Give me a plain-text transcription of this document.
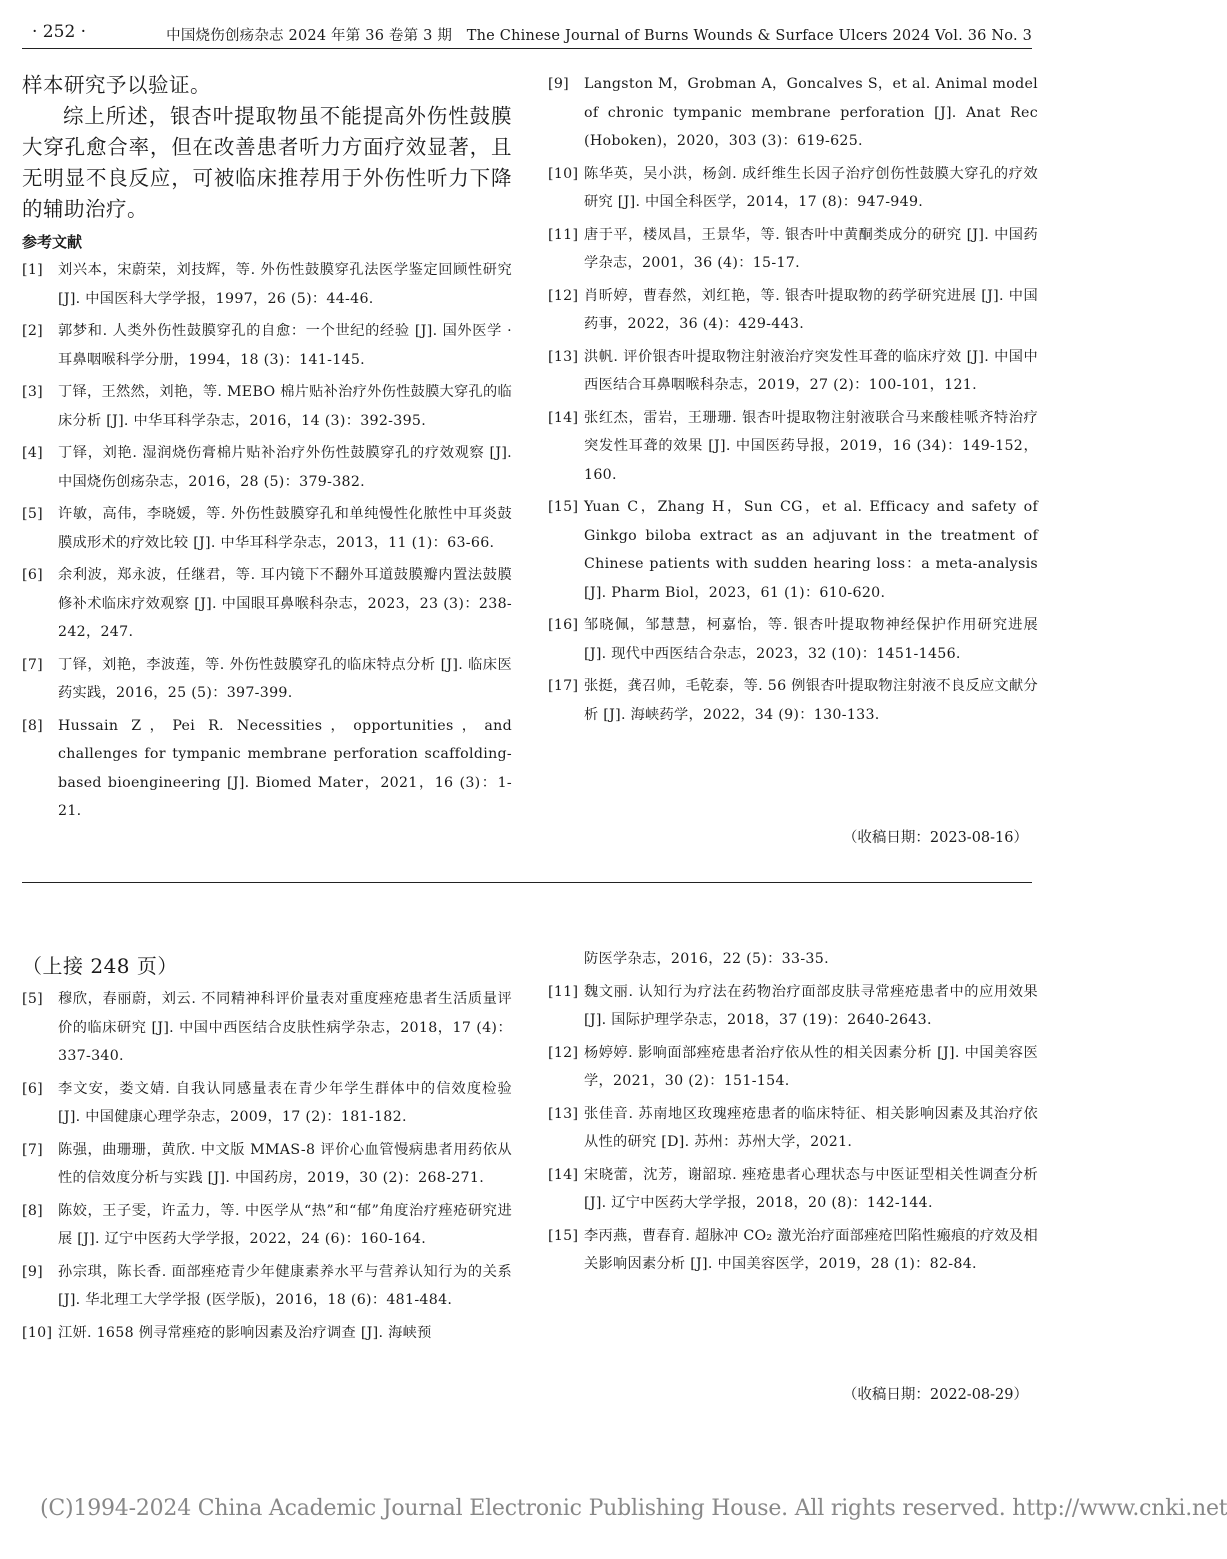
· 252 ·	中国烧伤创疡杂志 2024 年第 36 卷第 3 期　The Chinese Journal of Burns Wounds & Surface Ulcers 2024 Vol. 36 No. 3

样本研究予以验证。

综上所述，银杏叶提取物虽不能提高外伤性鼓膜大穿孔愈合率，但在改善患者听力方面疗效显著，且无明显不良反应，可被临床推荐用于外伤性听力下降的辅助治疗。

参考文献
[1] 刘兴本，宋蔚荣，刘技辉，等. 外伤性鼓膜穿孔法医学鉴定回顾性研究 [J]. 中国医科大学学报，1997，26 (5)：44-46.
[2] 郭梦和. 人类外伤性鼓膜穿孔的自愈：一个世纪的经验 [J]. 国外医学 · 耳鼻咽喉科学分册，1994，18 (3)：141-145.
[3] 丁铎，王然然，刘艳，等. MEBO 棉片贴补治疗外伤性鼓膜大穿孔的临床分析 [J]. 中华耳科学杂志，2016，14 (3)：392-395.
[4] 丁铎，刘艳. 湿润烧伤膏棉片贴补治疗外伤性鼓膜穿孔的疗效观察 [J]. 中国烧伤创疡杂志，2016，28 (5)：379-382.
[5] 许敏，高伟，李晓媛，等. 外伤性鼓膜穿孔和单纯慢性化脓性中耳炎鼓膜成形术的疗效比较 [J]. 中华耳科学杂志，2013，11 (1)：63-66.
[6] 余利波，郑永波，任继君，等. 耳内镜下不翻外耳道鼓膜瓣内置法鼓膜修补术临床疗效观察 [J]. 中国眼耳鼻喉科杂志，2023，23 (3)：238-242，247.
[7] 丁铎，刘艳，李波莲，等. 外伤性鼓膜穿孔的临床特点分析 [J]. 临床医药实践，2016，25 (5)：397-399.
[8] Hussain Z，Pei R. Necessities，opportunities，and challenges for tympanic membrane perforation scaffolding-based bioengineering [J]. Biomed Mater，2021，16 (3)：1-21.
[9] Langston M，Grobman A，Goncalves S，et al. Animal model of chronic tympanic membrane perforation [J]. Anat Rec (Hoboken)，2020，303 (3)：619-625.
[10] 陈华英，吴小洪，杨剑. 成纤维生长因子治疗创伤性鼓膜大穿孔的疗效研究 [J]. 中国全科医学，2014，17 (8)：947-949.
[11] 唐于平，楼凤昌，王景华，等. 银杏叶中黄酮类成分的研究 [J]. 中国药学杂志，2001，36 (4)：15-17.
[12] 肖昕婷，曹春然，刘红艳，等. 银杏叶提取物的药学研究进展 [J]. 中国药事，2022，36 (4)：429-443.
[13] 洪帆. 评价银杏叶提取物注射液治疗突发性耳聋的临床疗效 [J]. 中国中西医结合耳鼻咽喉科杂志，2019，27 (2)：100-101，121.
[14] 张红杰，雷岩，王珊珊. 银杏叶提取物注射液联合马来酸桂哌齐特治疗突发性耳聋的效果 [J]. 中国医药导报，2019，16 (34)：149-152，160.
[15] Yuan C，Zhang H，Sun CG，et al. Efficacy and safety of Ginkgo biloba extract as an adjuvant in the treatment of Chinese patients with sudden hearing loss：a meta-analysis [J]. Pharm Biol，2023，61 (1)：610-620.
[16] 邹晓佩，邹慧慧，柯嘉怡，等. 银杏叶提取物神经保护作用研究进展 [J]. 现代中西医结合杂志，2023，32 (10)：1451-1456.
[17] 张挺，龚召帅，毛乾泰，等. 56 例银杏叶提取物注射液不良反应文献分析 [J]. 海峡药学，2022，34 (9)：130-133.
（收稿日期：2023-08-16）
（上接 248 页）
[5] 穆欣，春丽蔚，刘云. 不同精神科评价量表对重度痤疮患者生活质量评价的临床研究 [J]. 中国中西医结合皮肤性病学杂志，2018，17 (4)：337-340.
[6] 李文安，娄文婧. 自我认同感量表在青少年学生群体中的信效度检验 [J]. 中国健康心理学杂志，2009，17 (2)：181-182.
[7] 陈强，曲珊珊，黄欣. 中文版 MMAS-8 评价心血管慢病患者用药依从性的信效度分析与实践 [J]. 中国药房，2019，30 (2)：268-271.
[8] 陈姣，王子雯，许孟力，等. 中医学从“热”和“郁”角度治疗痤疮研究进展 [J]. 辽宁中医药大学学报，2022，24 (6)：160-164.
[9] 孙宗琪，陈长香. 面部痤疮青少年健康素养水平与营养认知行为的关系 [J]. 华北理工大学学报 (医学版)，2016，18 (6)：481-484.
[10] 江妍. 1658 例寻常痤疮的影响因素及治疗调查 [J]. 海峡预
防医学杂志，2016，22 (5)：33-35.
[11] 魏文丽. 认知行为疗法在药物治疗面部皮肤寻常痤疮患者中的应用效果 [J]. 国际护理学杂志，2018，37 (19)：2640-2643.
[12] 杨婷婷. 影响面部痤疮患者治疗依从性的相关因素分析 [J]. 中国美容医学，2021，30 (2)：151-154.
[13] 张佳音. 苏南地区玫瑰痤疮患者的临床特征、相关影响因素及其治疗依从性的研究 [D]. 苏州：苏州大学，2021.
[14] 宋晓蕾，沈芳，谢韶琼. 痤疮患者心理状态与中医证型相关性调查分析 [J]. 辽宁中医药大学学报，2018，20 (8)：142-144.
[15] 李丙燕，曹春育. 超脉冲 CO₂ 激光治疗面部痤疮凹陷性瘢痕的疗效及相关影响因素分析 [J]. 中国美容医学，2019，28 (1)：82-84.
（收稿日期：2022-08-29）
(C)1994-2024 China Academic Journal Electronic Publishing House. All rights reserved. http://www.cnki.net
